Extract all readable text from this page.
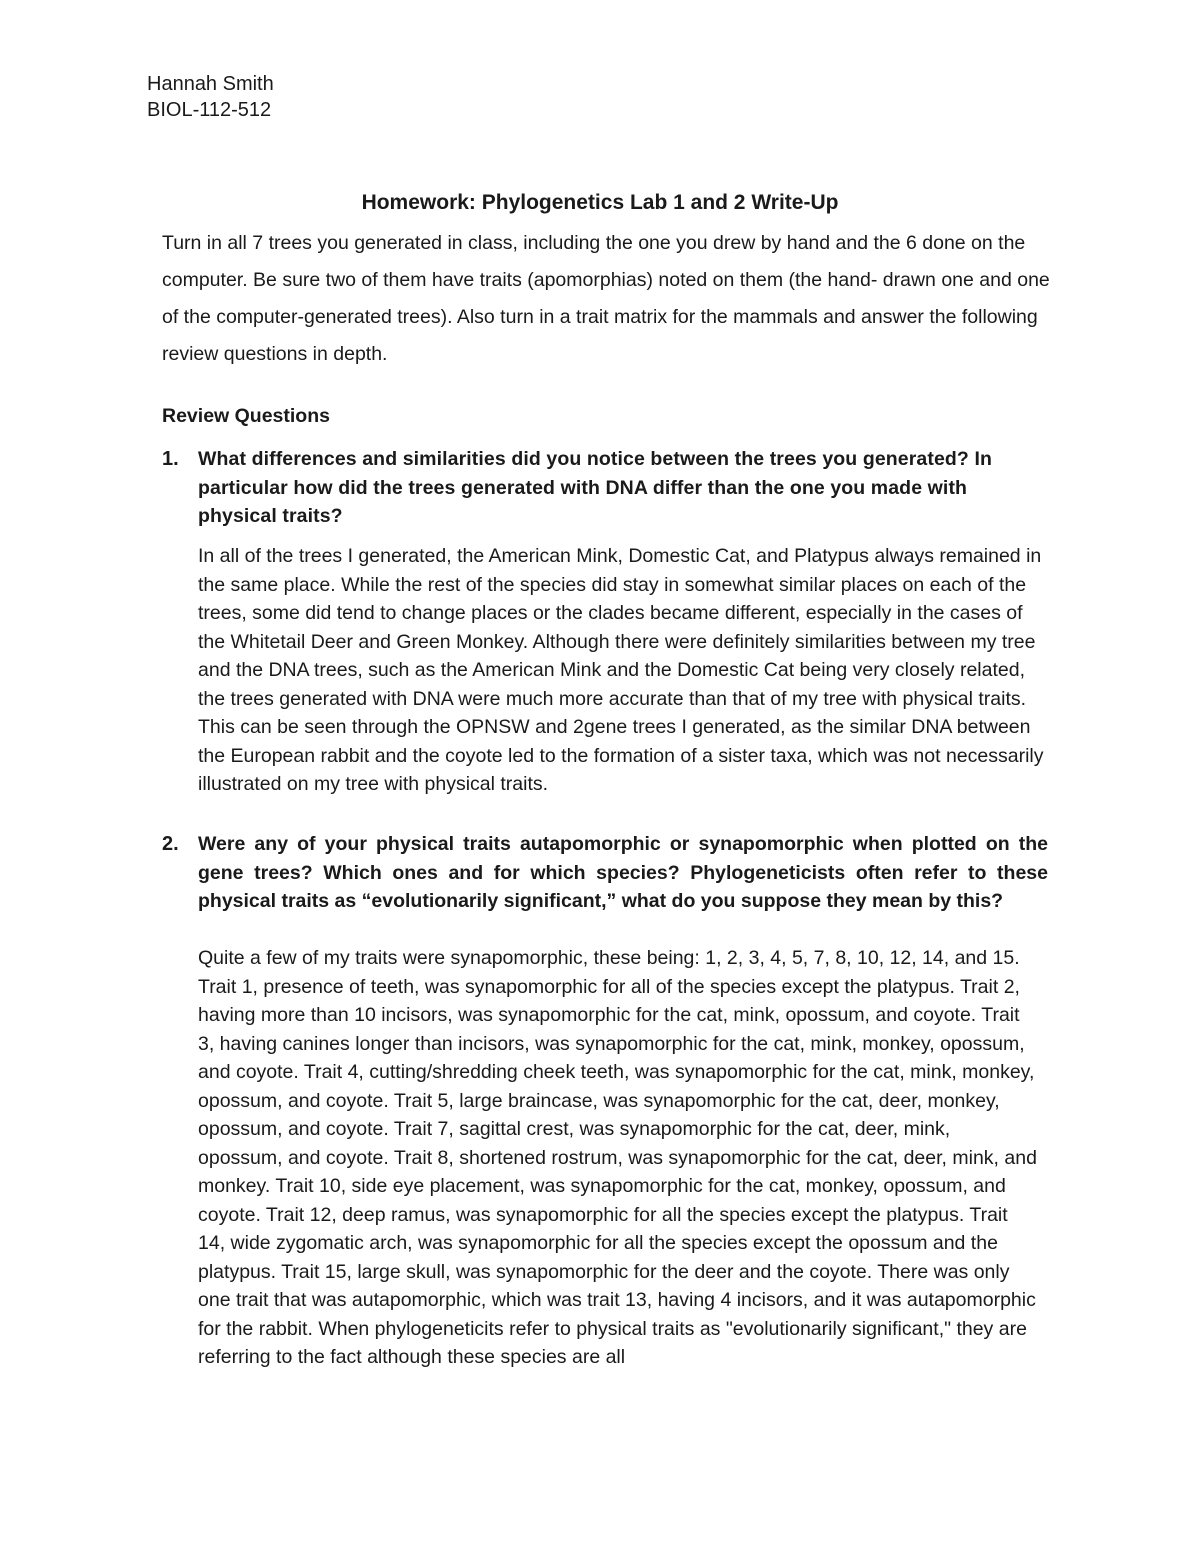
Hannah Smith
BIOL-112-512
Homework: Phylogenetics Lab 1 and 2 Write-Up

Turn in all 7 trees you generated in class, including the one you drew by hand and the 6 done on the computer. Be sure two of them have traits (apomorphias) noted on them (the hand- drawn one and one of the computer-generated trees). Also turn in a trait matrix for the mammals and answer the following review questions in depth.

Review Questions
1. What differences and similarities did you notice between the trees you generated? In particular how did the trees generated with DNA differ than the one you made with physical traits?

In all of the trees I generated, the American Mink, Domestic Cat, and Platypus always remained in the same place. While the rest of the species did stay in somewhat similar places on each of the trees, some did tend to change places or the clades became different, especially in the cases of the Whitetail Deer and Green Monkey. Although there were definitely similarities between my tree and the DNA trees, such as the American Mink and the Domestic Cat being very closely related, the trees generated with DNA were much more accurate than that of my tree with physical traits. This can be seen through the OPNSW and 2gene trees I generated, as the similar DNA between the European rabbit and the coyote led to the formation of a sister taxa, which was not necessarily illustrated on my tree with physical traits.

2. Were any of your physical traits autapomorphic or synapomorphic when plotted on the gene trees? Which ones and for which species? Phylogeneticists often refer to these physical traits as “evolutionarily significant,” what do you suppose they mean by this?

Quite a few of my traits were synapomorphic, these being: 1, 2, 3, 4, 5, 7, 8, 10, 12, 14, and 15. Trait 1, presence of teeth, was synapomorphic for all of the species except the platypus. Trait 2, having more than 10 incisors, was synapomorphic for the cat, mink, opossum, and coyote. Trait 3, having canines longer than incisors, was synapomorphic for the cat, mink, monkey, opossum, and coyote. Trait 4, cutting/shredding cheek teeth, was synapomorphic for the cat, mink, monkey, opossum, and coyote. Trait 5, large braincase, was synapomorphic for the cat, deer, monkey, opossum, and coyote. Trait 7, sagittal crest, was synapomorphic for the cat, deer, mink, opossum, and coyote. Trait 8, shortened rostrum, was synapomorphic for the cat, deer, mink, and monkey. Trait 10, side eye placement, was synapomorphic for the cat, monkey, opossum, and coyote. Trait 12, deep ramus, was synapomorphic for all the species except the platypus. Trait 14, wide zygomatic arch, was synapomorphic for all the species except the opossum and the platypus. Trait 15, large skull, was synapomorphic for the deer and the coyote. There was only one trait that was autapomorphic, which was trait 13, having 4 incisors, and it was autapomorphic for the rabbit. When phylogeneticits refer to physical traits as "evolutionarily significant," they are referring to the fact although these species are all
